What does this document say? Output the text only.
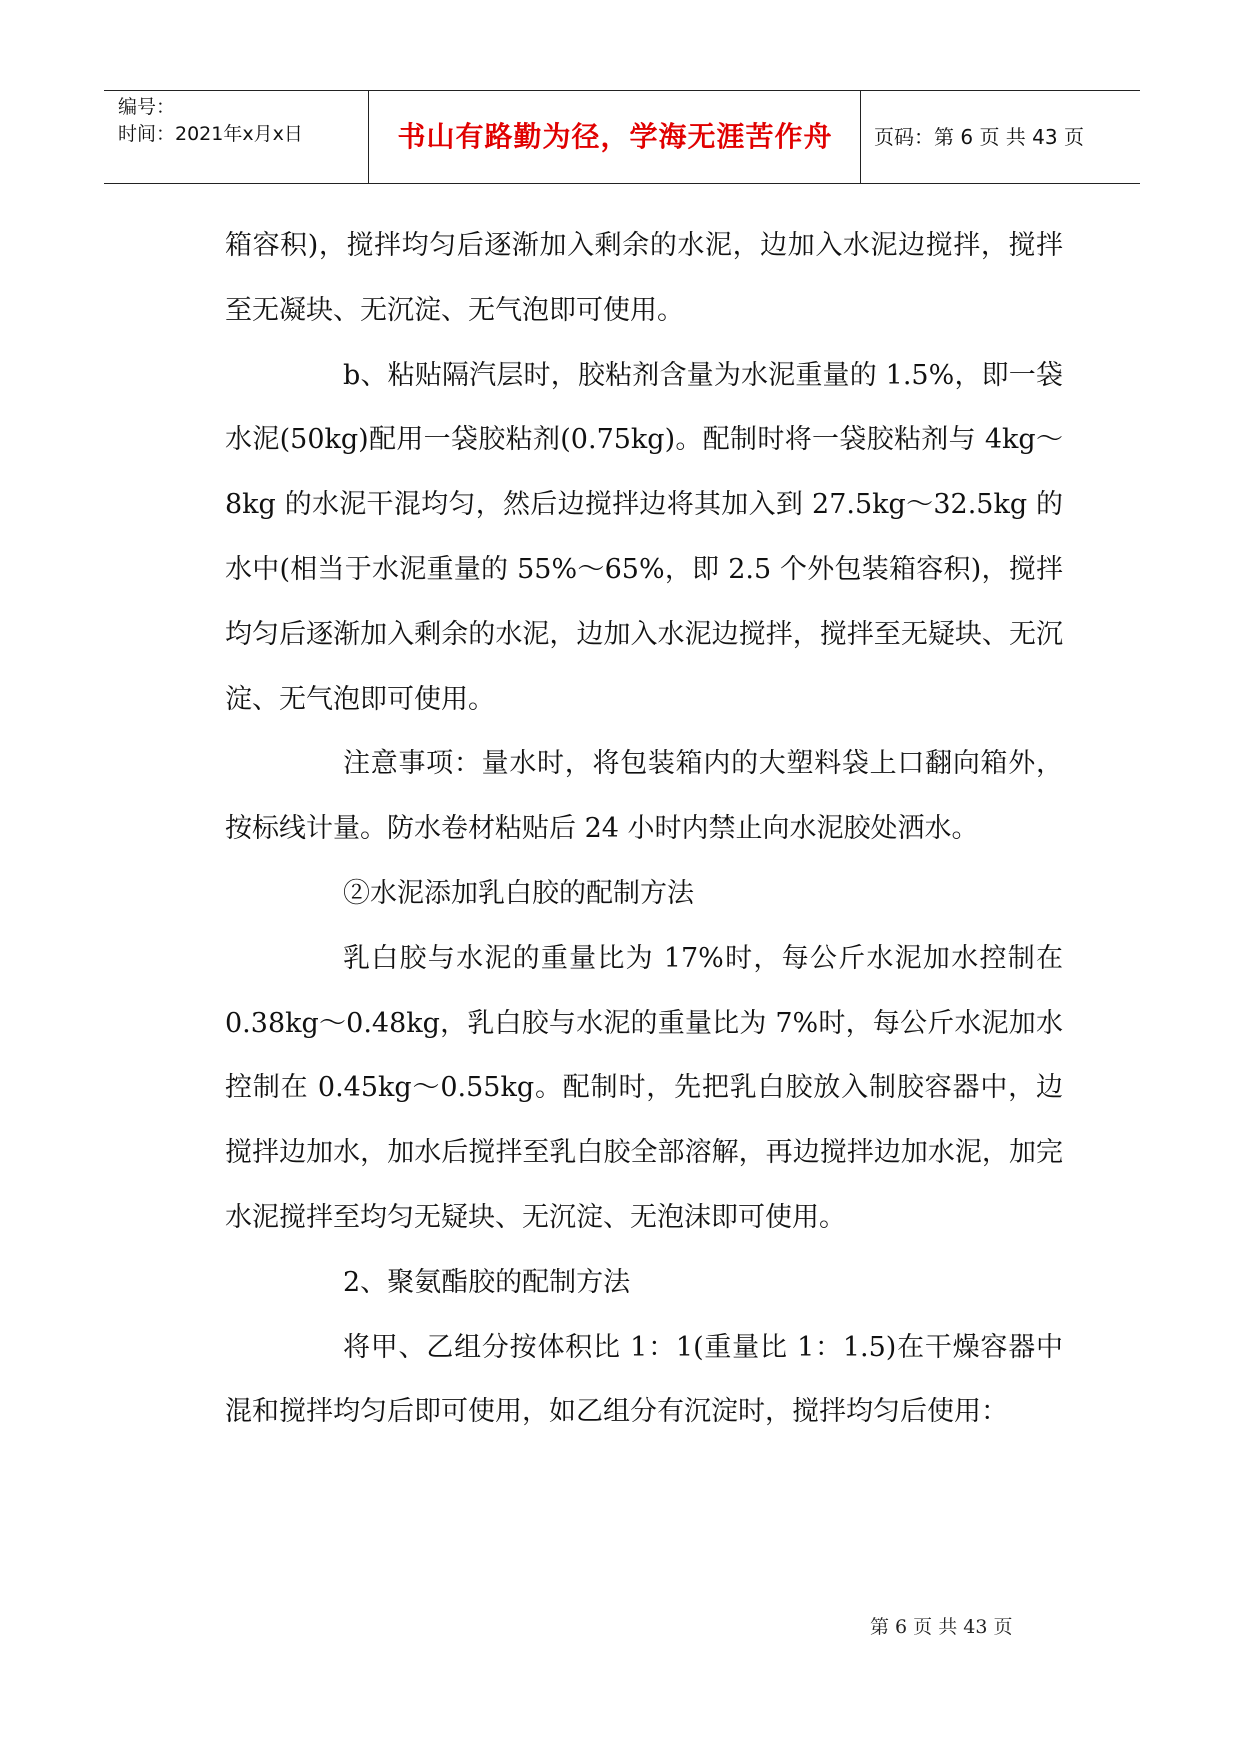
编号：
时间：2021年x月x日	书山有路勤为径，学海无涯苦作舟	页码：第 6 页 共 43 页

箱容积)，搅拌均匀后逐渐加入剩余的水泥，边加入水泥边搅拌，搅拌至无凝块、无沉淀、无气泡即可使用。

b、粘贴隔汽层时，胶粘剂含量为水泥重量的 1.5%，即一袋水泥(50kg)配用一袋胶粘剂(0.75kg)。配制时将一袋胶粘剂与 4kg～8kg 的水泥干混均匀，然后边搅拌边将其加入到 27.5kg～32.5kg 的水中(相当于水泥重量的 55%～65%，即 2.5 个外包装箱容积)，搅拌均匀后逐渐加入剩余的水泥，边加入水泥边搅拌，搅拌至无疑块、无沉淀、无气泡即可使用。

注意事项：量水时，将包装箱内的大塑料袋上口翻向箱外，按标线计量。防水卷材粘贴后 24 小时内禁止向水泥胶处洒水。

②水泥添加乳白胶的配制方法

乳白胶与水泥的重量比为 17%时，每公斤水泥加水控制在 0.38kg～0.48kg，乳白胶与水泥的重量比为 7%时，每公斤水泥加水控制在 0.45kg～0.55kg。配制时，先把乳白胶放入制胶容器中，边搅拌边加水，加水后搅拌至乳白胶全部溶解，再边搅拌边加水泥，加完水泥搅拌至均匀无疑块、无沉淀、无泡沫即可使用。

2、聚氨酯胶的配制方法

将甲、乙组分按体积比 1：1(重量比 1：1.5)在干燥容器中混和搅拌均匀后即可使用，如乙组分有沉淀时，搅拌均匀后使用：

第 6 页 共 43 页
